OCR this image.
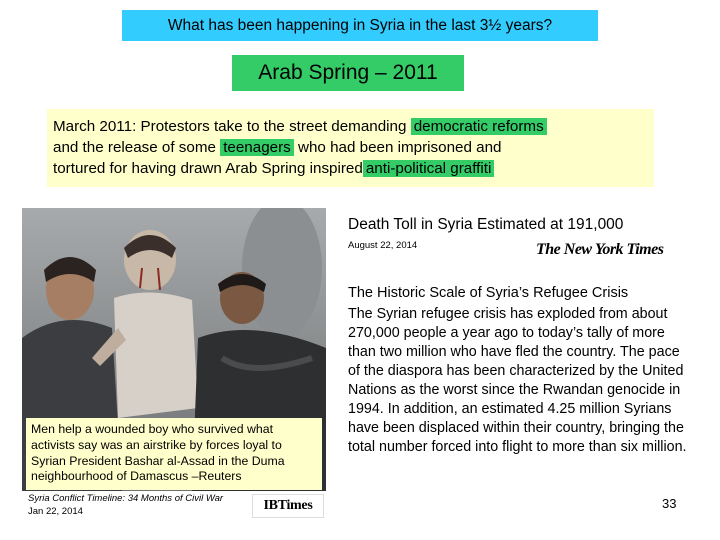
What has been happening in Syria in the last 3½ years?
Arab Spring – 2011
March 2011: Protestors take to the street demanding democratic reforms
and the release of some teenagers who had been imprisoned and
tortured for having drawn Arab Spring inspired anti-political graffiti
Men help a wounded boy who survived what activists say was an airstrike by forces loyal to Syrian President Bashar al-Assad in the Duma neighbourhood of Damascus –Reuters
Syria Conflict Timeline: 34 Months of Civil War
Jan 22, 2014	IBTimes
Death Toll in Syria Estimated at 191,000
August 22, 2014	The New York Times
The Historic Scale of Syria’s Refugee Crisis
The Syrian refugee crisis has exploded from about 270,000 people a year ago to today’s tally of more than two million who have fled the country. The pace of the diaspora has been characterized by the United Nations as the worst since the Rwandan genocide in 1994. In addition, an estimated 4.25 million Syrians have been displaced within their country, bringing the total number forced into flight to more than six million.
33
